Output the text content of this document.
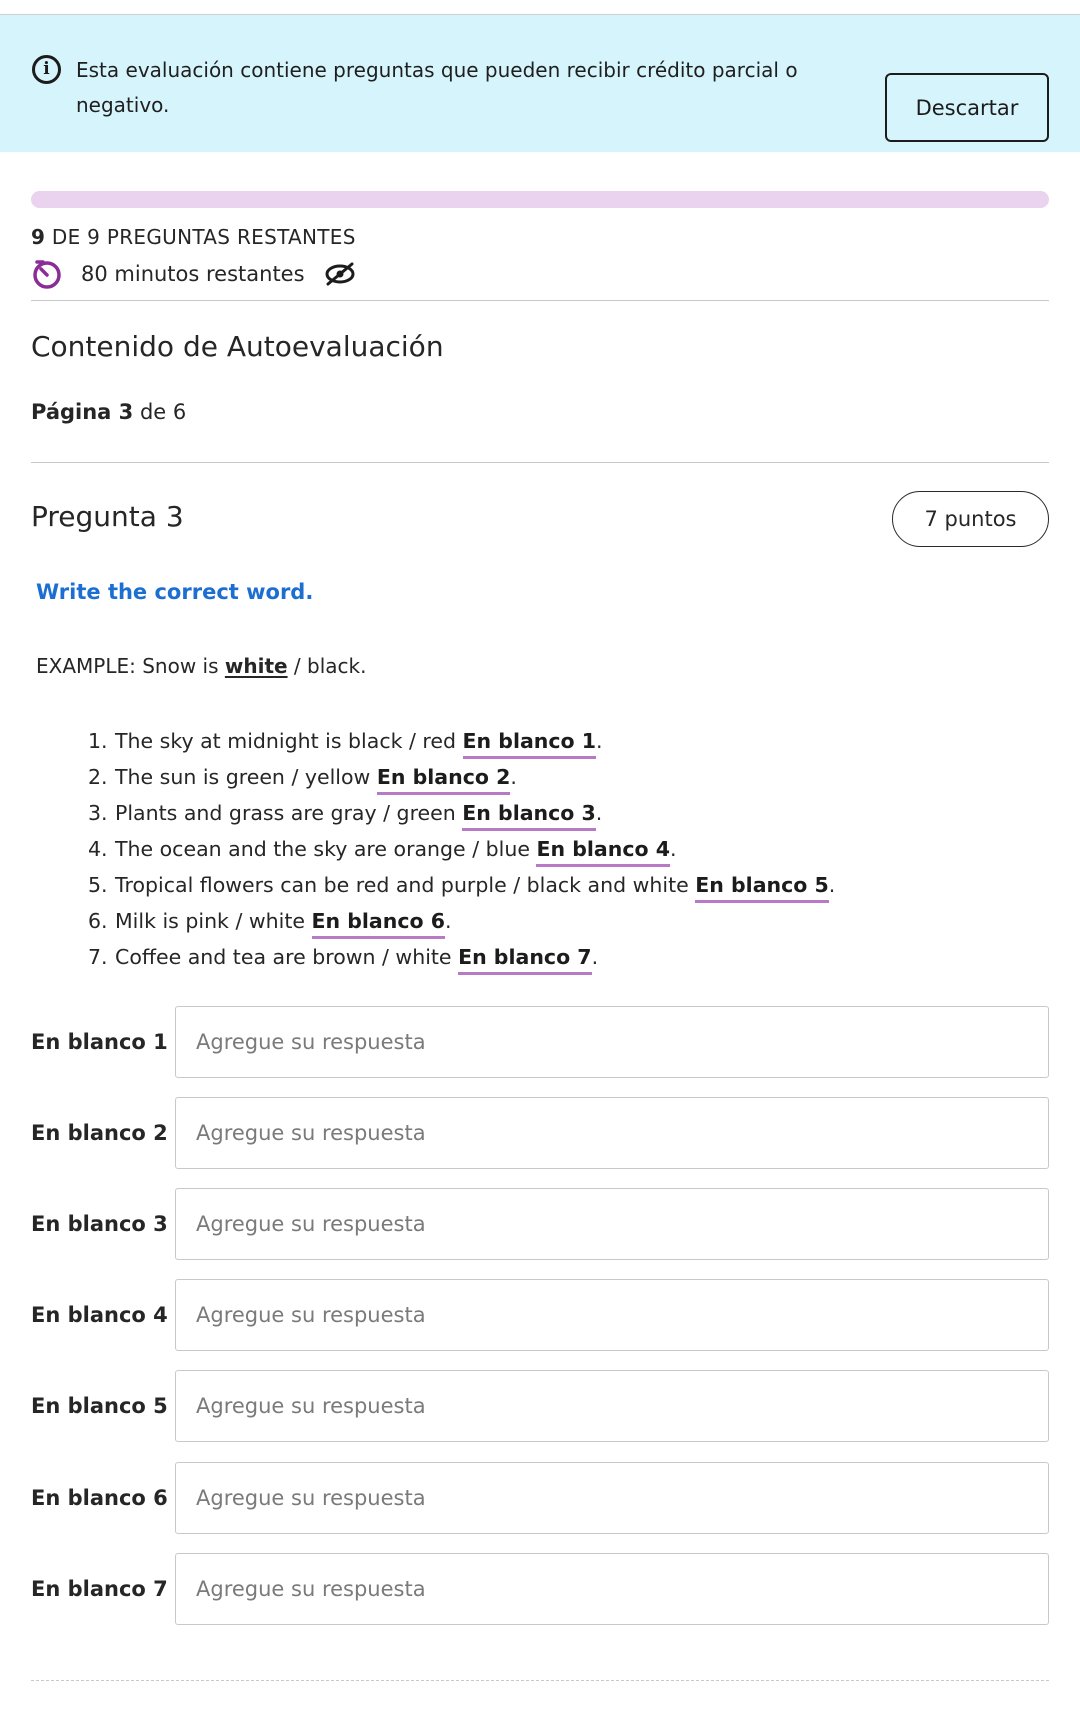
i	Esta evaluación contiene preguntas que pueden recibir crédito parcial o negativo.	Descartar
9 DE 9 PREGUNTAS RESTANTES
80 minutos restantes
Contenido de Autoevaluación
Página 3 de 6
Pregunta 3	7 puntos
Write the correct word.
EXAMPLE: Snow is white / black.
1. The sky at midnight is black / red En blanco 1.
2. The sun is green / yellow En blanco 2.
3. Plants and grass are gray / green En blanco 3.
4. The ocean and the sky are orange / blue En blanco 4.
5. Tropical flowers can be red and purple / black and white En blanco 5.
6. Milk is pink / white En blanco 6.
7. Coffee and tea are brown / white En blanco 7.
En blanco 1
Agregue su respuesta
En blanco 2
Agregue su respuesta
En blanco 3
Agregue su respuesta
En blanco 4
Agregue su respuesta
En blanco 5
Agregue su respuesta
En blanco 6
Agregue su respuesta
En blanco 7
Agregue su respuesta
